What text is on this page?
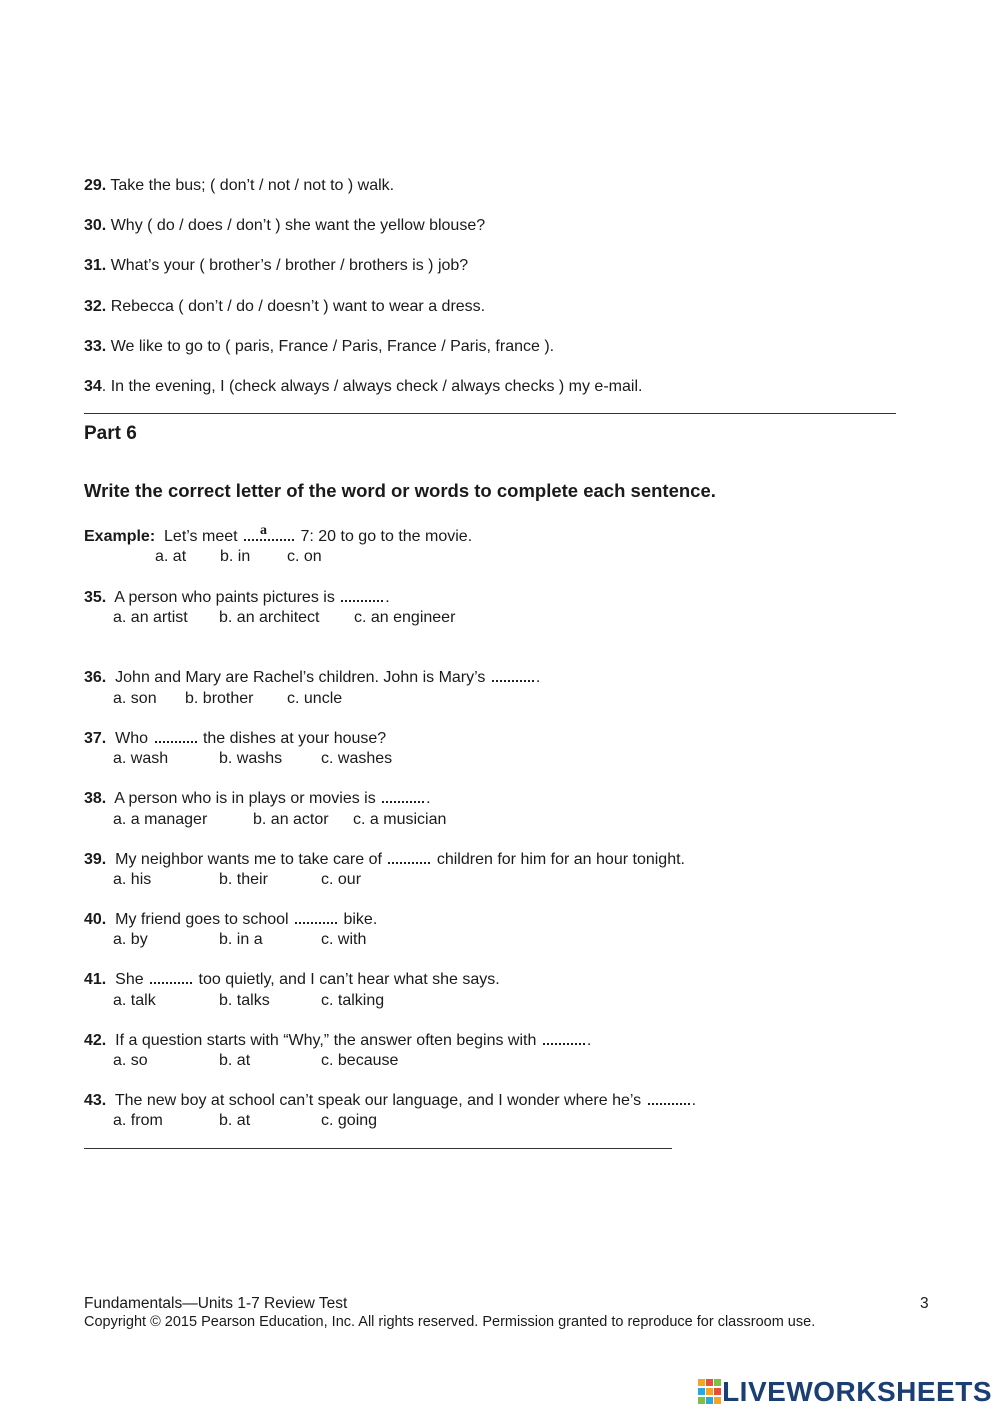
29. Take the bus; ( don’t / not / not to ) walk.
30. Why ( do / does / don’t ) she want the yellow blouse?
31. What’s your ( brother’s / brother / brothers is ) job?
32. Rebecca ( don’t / do / doesn’t ) want to wear a dress.
33. We like to go to ( paris, France / Paris, France / Paris, france ).
34. In the evening, I (check always / always check / always checks ) my e-mail.
Part 6
Write the correct letter of the word or words to complete each sentence.
Example: Let’s meet a 7: 20 to go to the movie.
a. at b. in c. on
35. A person who paints pictures is	.
a. an artist b. an architect c. an engineer
36. John and Mary are Rachel’s children. John is Mary’s	.
a. son b. brother c. uncle
37. Who	the dishes at your house?
a. wash	b. washs c. washes
38. A person who is in plays or movies is	.
a. a manager	b. an actor c. a musician
39. My neighbor wants me to take care of	children for him for an hour tonight.
a. his	b. their	c. our
40. My friend goes to school	bike.
a. by	b. in a	c. with
41. She	too quietly, and I can’t hear what she says.
a. talk	b. talks	c. talking
42. If a question starts with “Why,” the answer often begins with	.
a. so	b. at	c. because
43. The new boy at school can’t speak our language, and I wonder where he’s	.
a. from	b. at	c. going
Fundamentals—Units 1-7 Review Test	3
Copyright © 2015 Pearson Education, Inc. All rights reserved. Permission granted to reproduce for classroom use.
LIVEWORKSHEETS
